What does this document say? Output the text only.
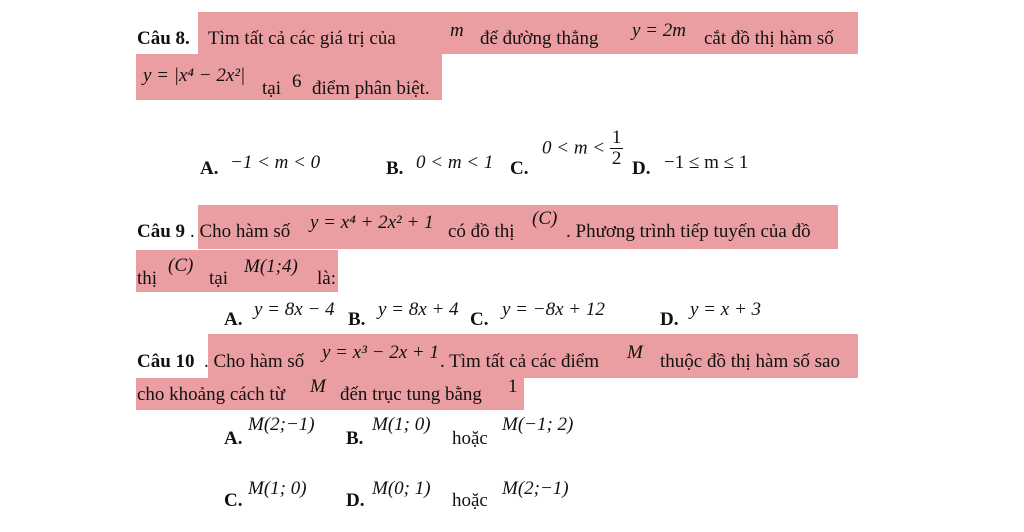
Câu 8. Tìm tất cả các giá trị của	m để đường thẳng y = 2m cắt đồ thị hàm số
y = |x⁴ − 2x²|
tại 6 điểm phân biệt.
A. −1 < m < 0	B. 0 < m < 1 C.
$0 < m < \frac{1}{2} D$. −1 ≤ m ≤ 1
Câu 9 . Cho hàm số y = x⁴ + 2x² + 1 có đồ thị
(C)
. Phương trình tiếp tuyến của đồ
thị
(C)
tại
M(1;4)
là:
A. y = 8x − 4 B. y = 8x + 4 C. y = −8x + 12	D. y = x + 3
Câu 10 . Cho hàm số y = x³ − 2x + 1 . Tìm tất cả các điểm M thuộc đồ thị hàm số sao
cho khoảng cách từ M đến trục tung bằng 1
A.
M(2;−1)
B.
M(1; 0)
hoặc
M(−1; 2)
C.
M(1; 0)
D.
M(0; 1)
hoặc
M(2;−1)
